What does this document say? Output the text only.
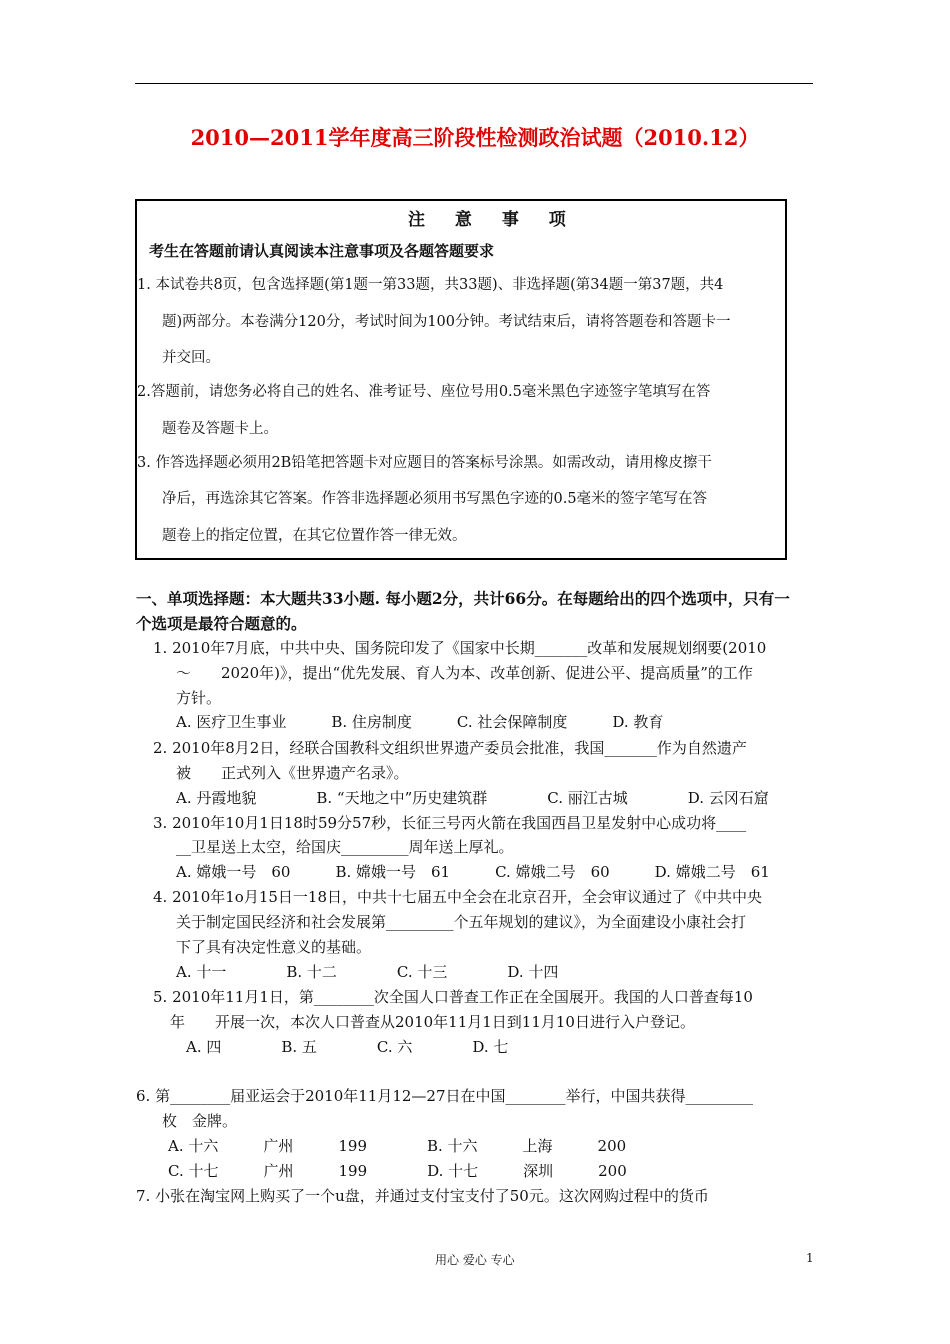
2010—2011学年度高三阶段性检测政治试题（2010.12）
注 意 事 项
考生在答题前请认真阅读本注意事项及各题答题要求
1. 本试卷共8页，包含选择题(第1题一第33题，共33题)、非选择题(第34题一第37题，共4
题)两部分。本卷满分120分，考试时间为100分钟。考试结束后，请将答题卷和答题卡一
并交回。
2.答题前，请您务必将自己的姓名、准考证号、座位号用0.5毫米黑色字迹签字笔填写在答
题卷及答题卡上。
3. 作答选择题必须用2B铅笔把答题卡对应题目的答案标号涂黑。如需改动，请用橡皮擦干
净后，再选涂其它答案。作答非选择题必须用书写黑色字迹的0.5毫米的签字笔写在答
题卷上的指定位置，在其它位置作答一律无效。
一、单项选择题：本大题共33小题. 每小题2分，共计66分。在每题给出的四个选项中，只有一
个选项是最符合题意的。
1. 2010年7月底，中共中央、国务院印发了《国家中长期_______改革和发展规划纲要(2010
～　　2020年)》，提出“优先发展、育人为本、改革创新、促进公平、提高质量”的工作
方针。
A. 医疗卫生事业　　　B. 住房制度　　　C. 社会保障制度　　　D. 教育
2. 2010年8月2日，经联合国教科文组织世界遗产委员会批准，我国_______作为自然遗产
被　　正式列入《世界遗产名录》。
A. 丹霞地貌　　　　B. “天地之中”历史建筑群　　　　C. 丽江古城　　　　D. 云冈石窟
3. 2010年10月1日18时59分57秒，长征三号丙火箭在我国西昌卫星发射中心成功将____
__卫星送上太空，给国庆_________周年送上厚礼。
A. 嫦娥一号　60　　　B. 嫦娥一号　61　　　C. 嫦娥二号　60　　　D. 嫦娥二号　61
4. 2010年1o月15日一18日，中共十七届五中全会在北京召开，全会审议通过了《中共中央
关于制定国民经济和社会发展第_________个五年规划的建议》，为全面建设小康社会打
下了具有决定性意义的基础。
A. 十一　　　　B. 十二　　　　C. 十三　　　　D. 十四
5. 2010年11月1日，第________次全国人口普查工作正在全国展开。我国的人口普查每10
年　　开展一次，本次人口普查从2010年11月1日到11月10日进行入户登记。
A. 四　　　　B. 五　　　　C. 六　　　　D. 七
6. 第________届亚运会于2010年11月12—27日在中国________举行，中国共获得_________
枚　金牌。
A. 十六　　　广州　　　199　　　　B. 十六　　　上海　　　200
C. 十七　　　广州　　　199　　　　D. 十七　　　深圳　　　200
7. 小张在淘宝网上购买了一个u盘，并通过支付宝支付了50元。这次网购过程中的货币
用心 爱心 专心	1
